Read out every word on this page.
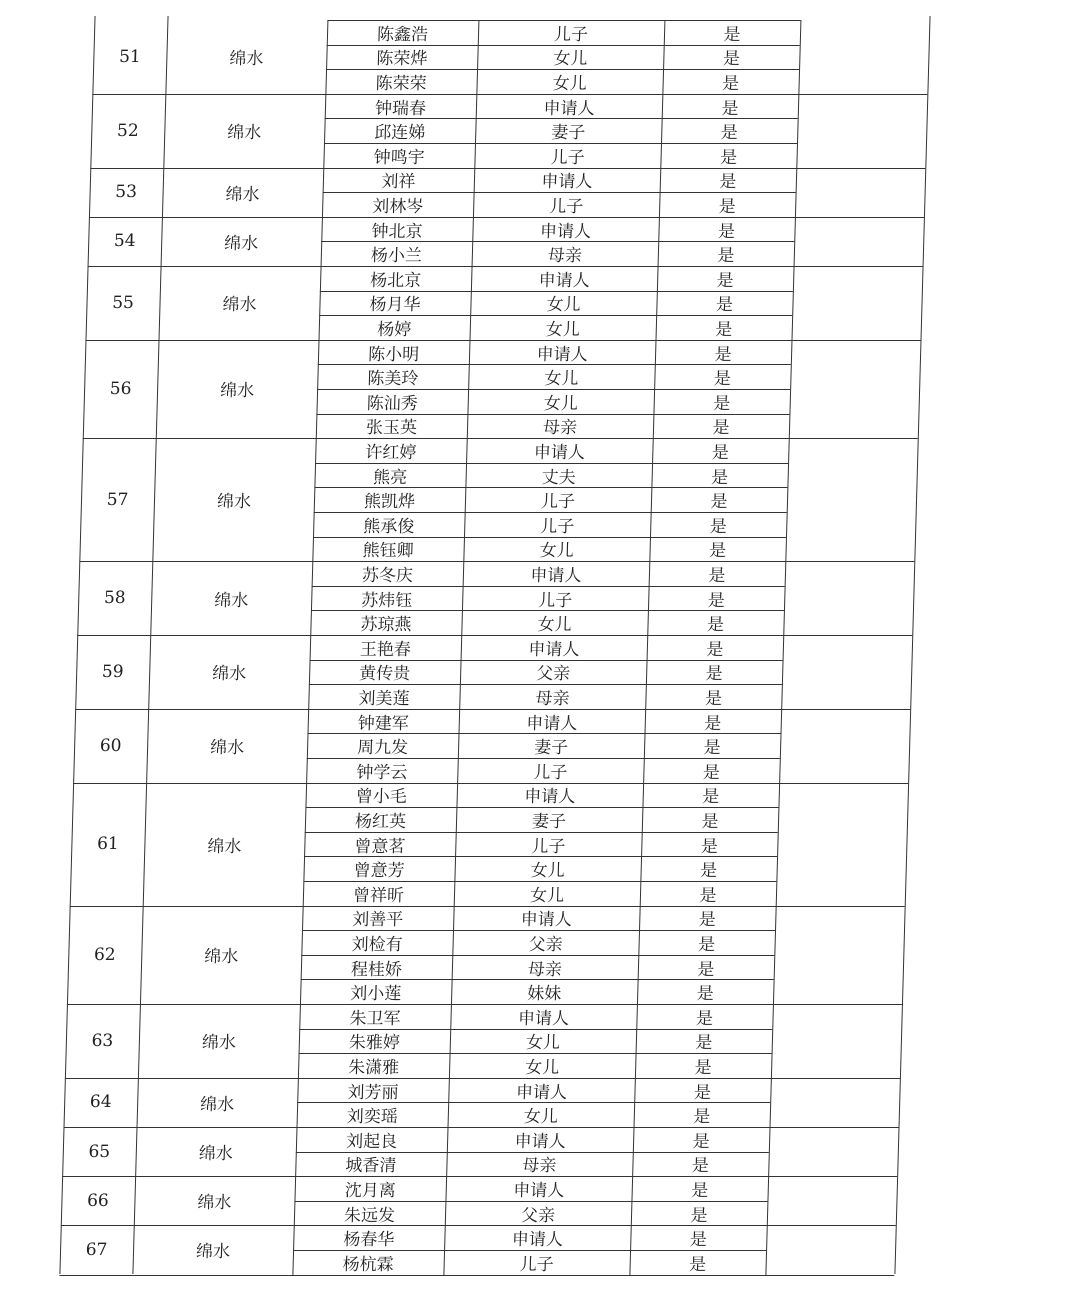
51	绵水
陈鑫浩	儿子	是
陈荣烨	女儿	是
陈荣荣	女儿	是
52	绵水
钟瑞春	申请人	是
邱连娣	妻子	是
钟鸣宇	儿子	是
53	绵水
刘祥	申请人	是
刘林岑	儿子	是
54	绵水
钟北京	申请人	是
杨小兰	母亲	是
55	绵水
杨北京	申请人	是
杨月华	女儿	是
杨婷	女儿	是
56	绵水
陈小明	申请人	是
陈美玲	女儿	是
陈汕秀	女儿	是
张玉英	母亲	是
57	绵水
许红婷	申请人	是
熊亮	丈夫	是
熊凯烨	儿子	是
熊承俊	儿子	是
熊钰卿	女儿	是
58	绵水
苏冬庆	申请人	是
苏炜钰	儿子	是
苏琼燕	女儿	是
59	绵水
王艳春	申请人	是
黄传贵	父亲	是
刘美莲	母亲	是
60	绵水
钟建军	申请人	是
周九发	妻子	是
钟学云	儿子	是
61	绵水
曾小毛	申请人	是
杨红英	妻子	是
曾意茗	儿子	是
曾意芳	女儿	是
曾祥昕	女儿	是
62	绵水
刘善平	申请人	是
刘检有	父亲	是
程桂娇	母亲	是
刘小莲	妹妹	是
63	绵水
朱卫军	申请人	是
朱雅婷	女儿	是
朱潇雅	女儿	是
64	绵水
刘芳丽	申请人	是
刘奕瑶	女儿	是
65	绵水
刘起良	申请人	是
城香清	母亲	是
66	绵水
沈月离	申请人	是
朱远发	父亲	是
67	绵水
杨春华	申请人	是
杨杭霖	儿子	是
